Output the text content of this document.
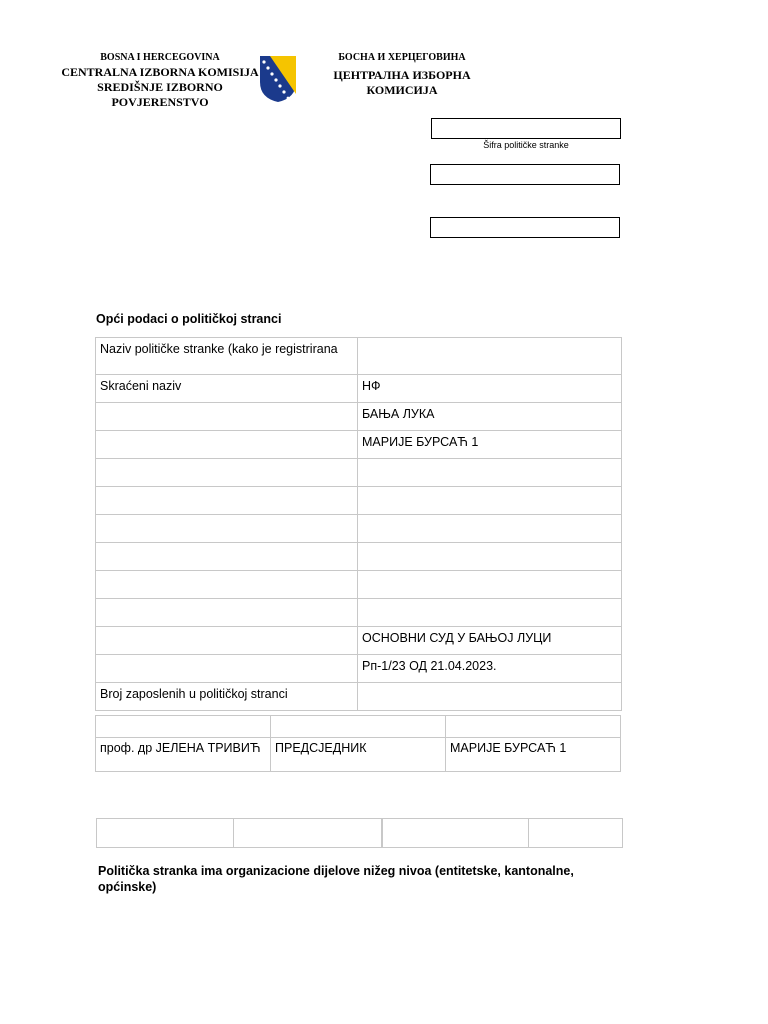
BOSNA I HERCEGOVINA
CENTRALNA IZBORNA KOMISIJA
SREDIŠNJE IZBORNO POVJERENSTVO
БОСНА И ХЕРЦЕГОВИНА
ЦЕНТРАЛНА ИЗБОРНА КОМИСИЈА
Šifra političke stranke
Opći podaci o političkoj stranci
Naziv političke stranke (kako je registrirana	
Skraćeni naziv	НФ
	БАЊА ЛУКА
	МАРИЈЕ БУРСАЋ 1

	ОСНОВНИ СУД У БАЊОЈ ЛУЦИ
	Рп-1/23 ОД 21.04.2023.
Broj zaposlenih u političkoj stranci	

проф. др ЈЕЛЕНА ТРИВИЋ	ПРЕДСЈЕДНИК	МАРИЈЕ БУРСАЋ 1

Politička stranka ima organizacione dijelove nižeg nivoa (entitetske, kantonalne, općinske)
